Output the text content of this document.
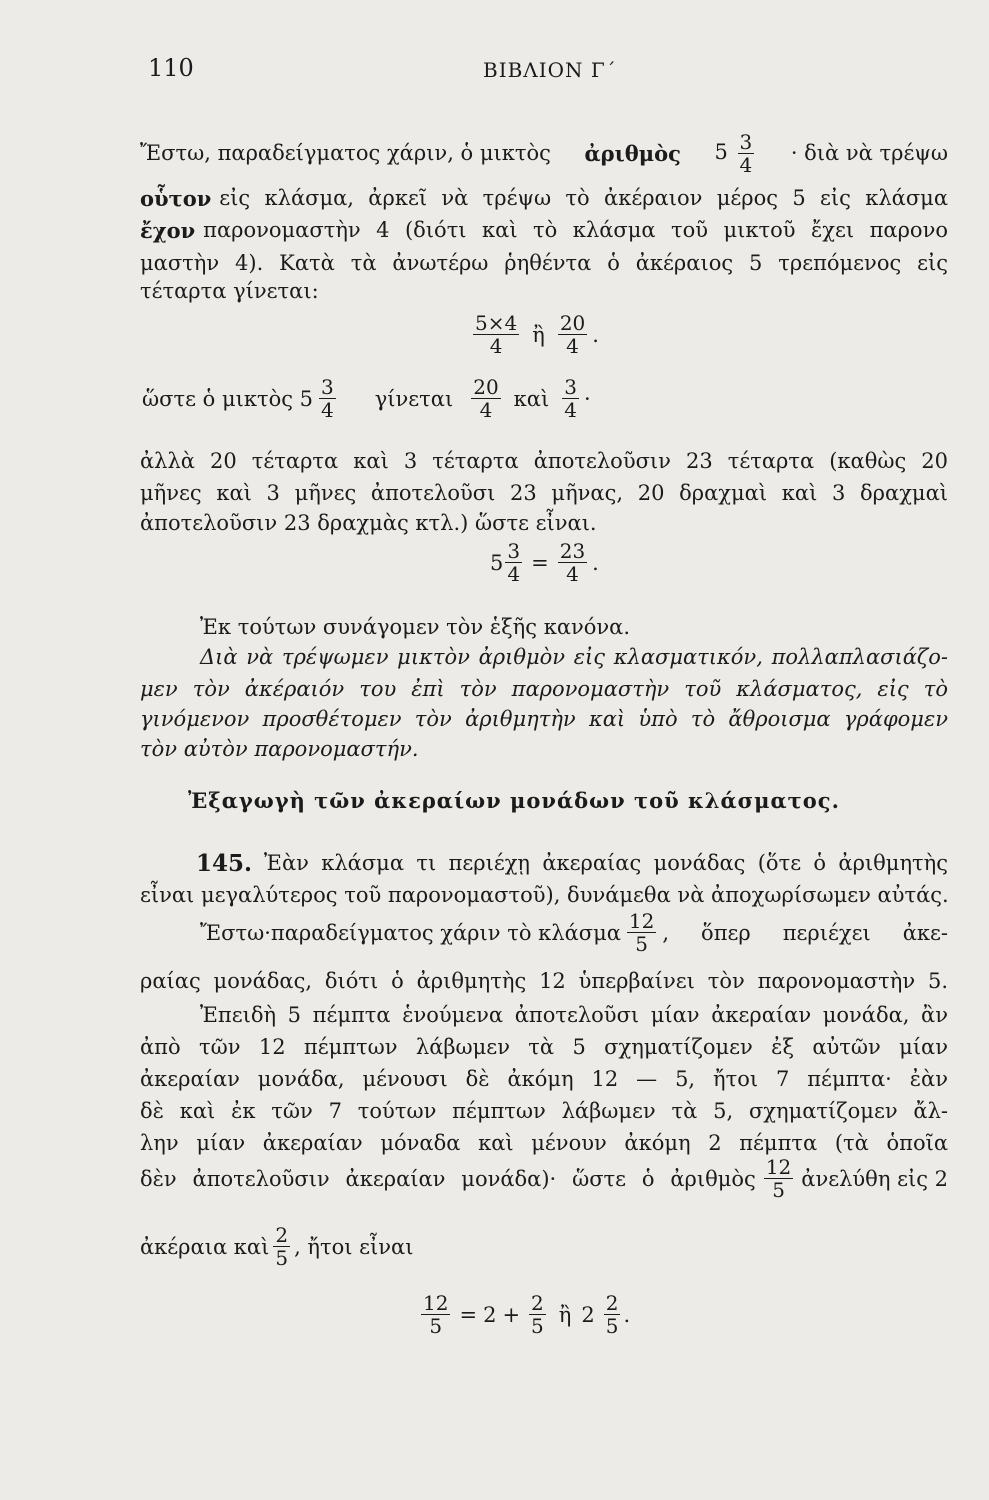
110	ΒΙΒΛΙΟΝ Γ΄
Ἔστω, παραδείγματος χάριν, ὁ μικτὸς ἀριθμὸς $5 \frac{3}{4}$ · διὰ νὰ τρέψω
οὗτον εἰς κλάσμα, ἀρκεῖ νὰ τρέψω τὸ ἀκέραιον μέρος 5 εἰς κλάσμα
ἔχον παρονομαστὴν 4 (διότι καὶ τὸ κλάσμα τοῦ μικτοῦ ἔχει παρονο
μαστὴν 4). Κατὰ τὰ ἀνωτέρω ῥηθέντα ὁ ἀκέραιος 5 τρεπόμενος εἰς
τέταρτα γίνεται:
$\frac{5\times 4}{4}$ ἢ $\frac{20}{4}$ .
ὥστε ὁ μικτὸς $5 \frac{3}{4}$ γίνεται $\frac{20}{4}$ καὶ $\frac{3}{4}$ ·
ἀλλὰ 20 τέταρτα καὶ 3 τέταρτα ἀποτελοῦσιν 23 τέταρτα (καθὼς 20
μῆνες καὶ 3 μῆνες ἀποτελοῦσι 23 μῆνας, 20 δραχμαὶ καὶ 3 δραχμαὶ
ἀποτελοῦσιν 23 δραχμὰς κτλ.) ὥστε εἶναι.
$5 \frac{3}{4} = \frac{23}{4}$ .
Ἐκ τούτων συνάγομεν τὸν ἑξῆς κανόνα.
Διὰ νὰ τρέψωμεν μικτὸν ἀριθμὸν εἰς κλασματικόν, πολλαπλασιάζο-
μεν τὸν ἀκέραιόν του ἐπὶ τὸν παρονομαστὴν τοῦ κλάσματος, εἰς τὸ
γινόμενον προσθέτομεν τὸν ἀριθμητὴν καὶ ὑπὸ τὸ ἄθροισμα γράφομεν
τὸν αὐτὸν παρονομαστήν.
Ἐξαγωγὴ τῶν ἀκεραίων μονάδων τοῦ κλάσματος.
145. Ἐὰν κλάσμα τι περιέχῃ ἀκεραίας μονάδας (ὅτε ὁ ἀριθμητὴς
εἶναι μεγαλύτερος τοῦ παρονομαστοῦ), δυνάμεθα νὰ ἀποχωρίσωμεν αὐτάς.
Ἔστω·παραδείγματος χάριν τὸ κλάσμα $\frac{12}{5}$ , ὅπερ περιέχει ἀκε-
ραίας μονάδας, διότι ὁ ἀριθμητὴς 12 ὑπερβαίνει τὸν παρονομαστὴν 5.
Ἐπειδὴ 5 πέμπτα ἑνούμενα ἀποτελοῦσι μίαν ἀκεραίαν μονάδα, ἂν
ἀπὸ τῶν 12 πέμπτων λάβωμεν τὰ 5 σχηματίζομεν ἐξ αὐτῶν μίαν
ἀκεραίαν μονάδα, μένουσι δὲ ἀκόμη 12 — 5, ἤτοι 7 πέμπτα· ἐὰν
δὲ καὶ ἐκ τῶν 7 τούτων πέμπτων λάβωμεν τὰ 5, σχηματίζομεν ἄλ-
λην μίαν ἀκεραίαν μόναδα καὶ μένουν ἀκόμη 2 πέμπτα (τὰ ὁποῖα
δὲν ἀποτελοῦσιν ἀκεραίαν μονάδα)· ὥστε ὁ ἀριθμὸς $\frac{12}{5}$ ἀνελύθη εἰς 2
ἀκέραια καὶ $\frac{2}{5}$ , ἤτοι εἶναι
$\frac{12}{5} = 2 + \frac{2}{5}$ ἢ $2 \frac{2}{5}$ .
